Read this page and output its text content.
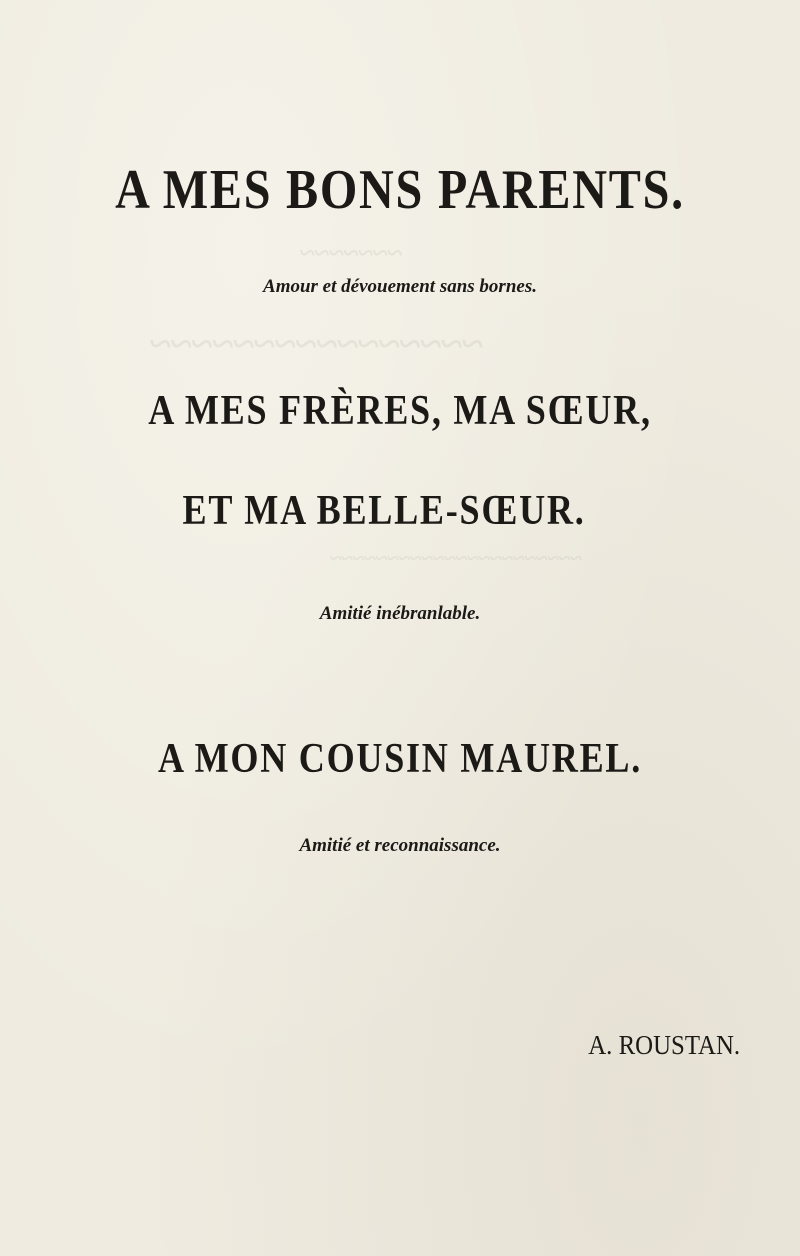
~~~~~~~
~~~~~~~~~~~~~~~~
~~~~~~~~~~~~~~~~~~~~~~
A MES BONS PARENTS.
Amour et dévouement sans bornes.
A MES FRÈRES, MA SŒUR,
ET MA BELLE-SŒUR.
Amitié inébranlable.
A MON COUSIN MAUREL.
Amitié et reconnaissance.
A. ROUSTAN.
